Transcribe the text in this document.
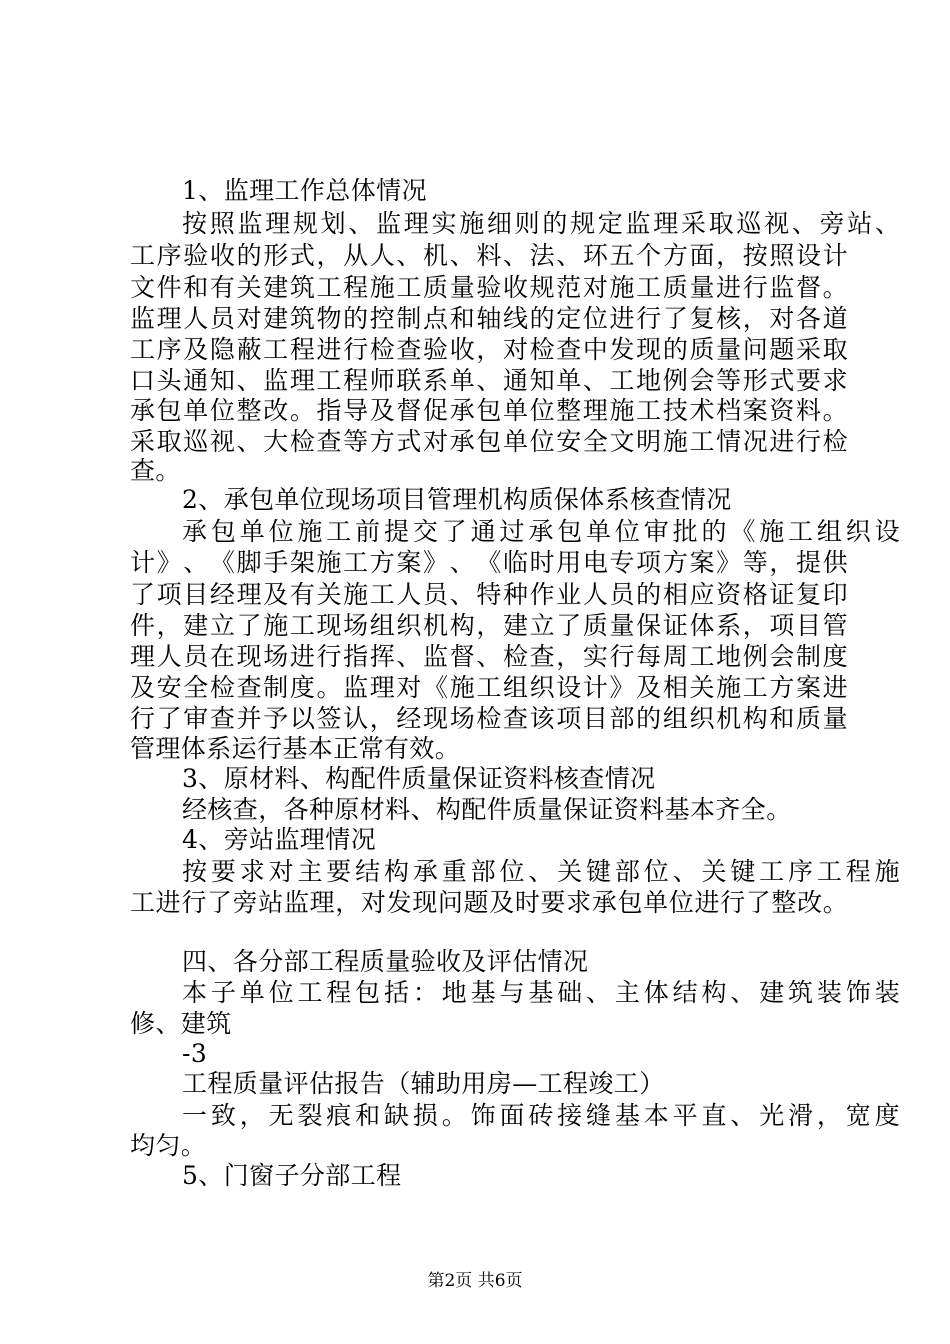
1、监理工作总体情况
按 照 监 理 规 划 、 监 理 实 施 细 则 的 规 定 监 理 采 取 巡 视 、 旁 站 、
工 序 验 收 的 形 式 ， 从 人 、 机 、 料 、 法 、 环 五 个 方 面 ， 按 照 设 计
文 件 和 有 关 建 筑 工 程 施 工 质 量 验 收 规 范 对 施 工 质 量 进 行 监 督 。
监 理 人 员 对 建 筑 物 的 控 制 点 和 轴 线 的 定 位 进 行 了 复 核 ， 对 各 道
工 序 及 隐 蔽 工 程 进 行 检 查 验 收 ， 对 检 查 中 发 现 的 质 量 问 题 采 取
口 头 通 知 、 监 理 工 程 师 联 系 单 、 通 知 单 、 工 地 例 会 等 形 式 要 求
承 包 单 位 整 改 。 指 导 及 督 促 承 包 单 位 整 理 施 工 技 术 档 案 资 料 。
采 取 巡 视 、 大 检 查 等 方 式 对 承 包 单 位 安 全 文 明 施 工 情 况 进 行 检
查。
2、承包单位现场项目管理机构质保体系核查情况
承 包 单 位 施 工 前 提 交 了 通 过 承 包 单 位 审 批 的 《 施 工 组 织 设
计 》 、 《 脚 手 架 施 工 方 案 》 、 《 临 时 用 电 专 项 方 案 》 等 ， 提 供
了 项 目 经 理 及 有 关 施 工 人 员 、 特 种 作 业 人 员 的 相 应 资 格 证 复 印
件 ， 建 立 了 施 工 现 场 组 织 机 构 ， 建 立 了 质 量 保 证 体 系 ， 项 目 管
理 人 员 在 现 场 进 行 指 挥 、 监 督 、 检 查 ， 实 行 每 周 工 地 例 会 制 度
及 安 全 检 查 制 度 。 监 理 对 《 施 工 组 织 设 计 》 及 相 关 施 工 方 案 进
行 了 审 查 并 予 以 签 认 ， 经 现 场 检 查 该 项 目 部 的 组 织 机 构 和 质 量
管理体系运行基本正常有效。
3、原材料、构配件质量保证资料核查情况
经核查，各种原材料、构配件质量保证资料基本齐全。
4、旁站监理情况
按 要 求 对 主 要 结 构 承 重 部 位 、 关 键 部 位 、 关 键 工 序 工 程 施
工 进 行 了 旁 站 监 理 ， 对 发 现 问 题 及 时 要 求 承 包 单 位 进 行 了 整 改 。
四、各分部工程质量验收及评估情况
本 子 单 位 工 程 包 括 ： 地 基 与 基 础 、 主 体 结 构 、 建 筑 装 饰 装
修、建筑
-3
工程质量评估报告（辅助用房—工程竣工）
一 致 ， 无 裂 痕 和 缺 损 。 饰 面 砖 接 缝 基 本 平 直 、 光 滑 ， 宽 度
均匀。
5、门窗子分部工程
第2页 共6页
